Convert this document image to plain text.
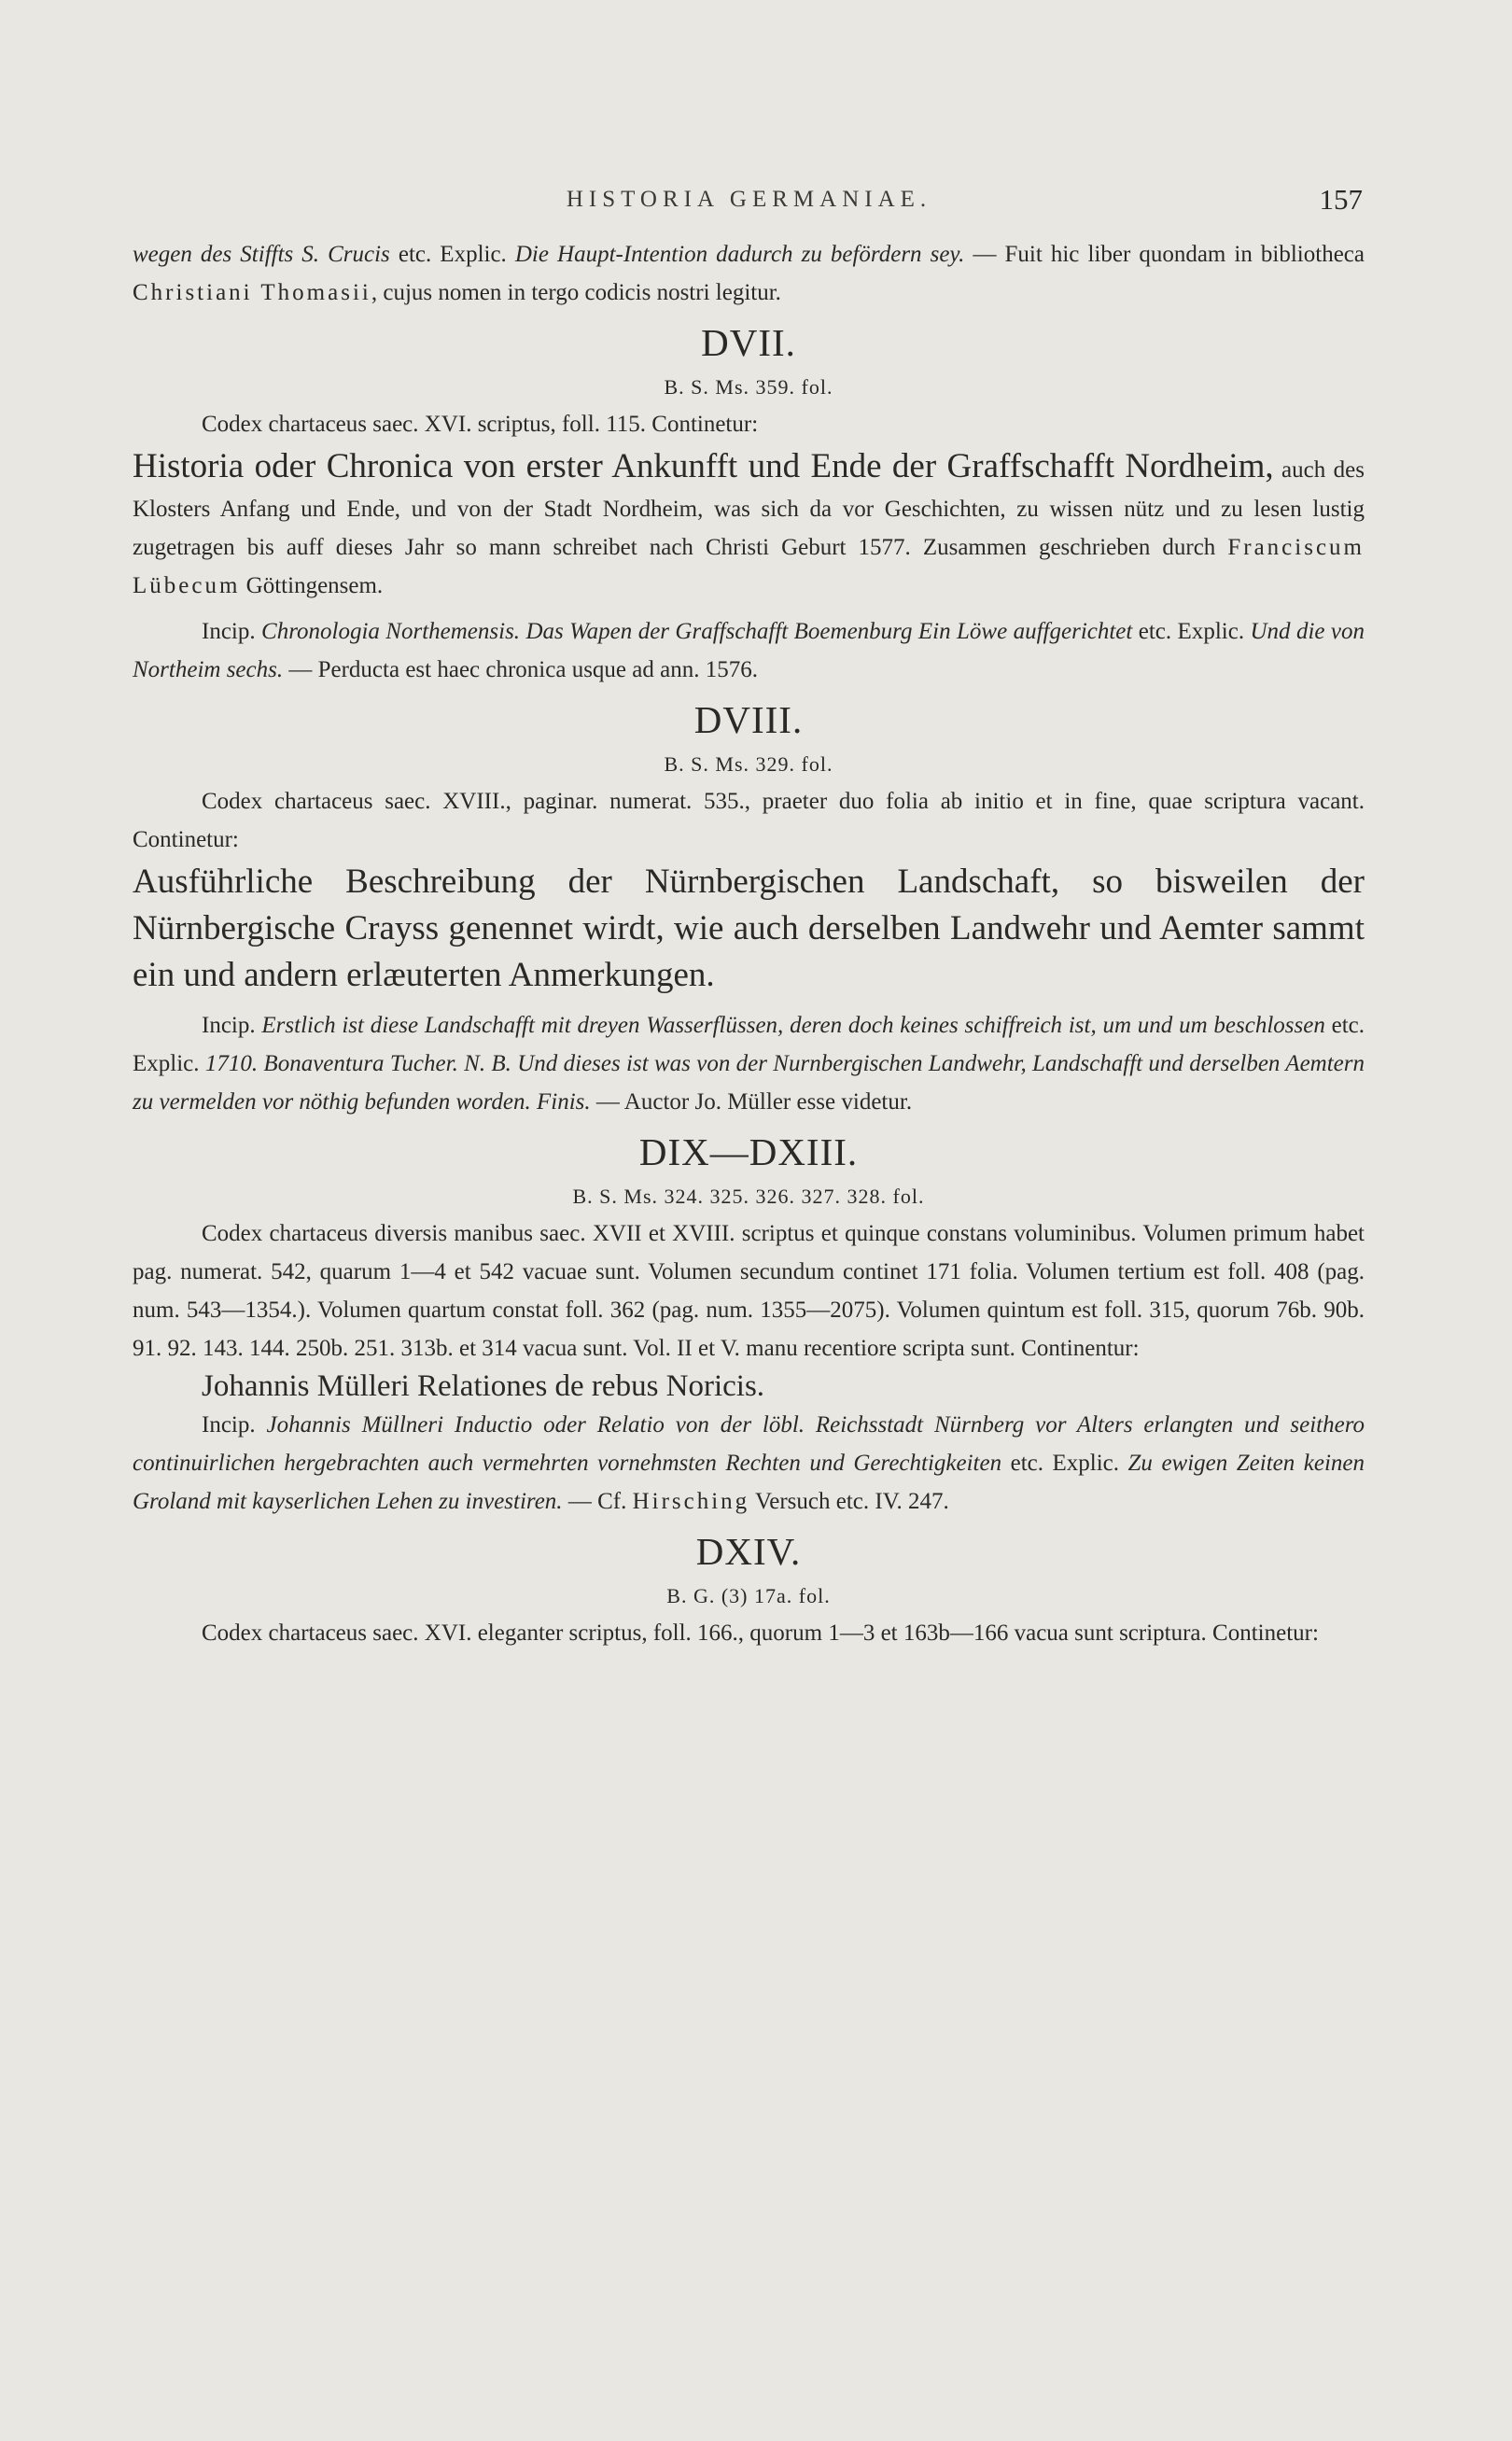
HISTORIA GERMANIAE.	157

wegen des Stiffts S. Crucis etc. Explic. Die Haupt-Intention dadurch zu befördern sey. — Fuit hic liber quondam in bibliotheca Christiani Thomasii, cujus nomen in tergo codicis nostri legitur.

DVII.
B. S. Ms. 359. fol.

Codex chartaceus saec. XVI. scriptus, foll. 115. Continetur:

Historia oder Chronica von erster Ankunfft und Ende der Graffschafft Nordheim, auch des Klosters Anfang und Ende, und von der Stadt Nordheim, was sich da vor Geschichten, zu wissen nütz und zu lesen lustig zugetragen bis auff dieses Jahr so mann schreibet nach Christi Geburt 1577. Zusammen geschrieben durch Franciscum Lübecum Göttingensem.

Incip. Chronologia Northemensis. Das Wapen der Graffschafft Boemenburg Ein Löwe auffgerichtet etc. Explic. Und die von Northeim sechs. — Perducta est haec chronica usque ad ann. 1576.

DVIII.
B. S. Ms. 329. fol.

Codex chartaceus saec. XVIII., paginar. numerat. 535., praeter duo folia ab initio et in fine, quae scriptura vacant. Continetur:

Ausführliche Beschreibung der Nürnbergischen Landschaft, so bisweilen der Nürnbergische Crayss genennet wirdt, wie auch derselben Landwehr und Aemter sammt ein und andern erlæuterten Anmerkungen.

Incip. Erstlich ist diese Landschafft mit dreyen Wasserflüssen, deren doch keines schiffreich ist, um und um beschlossen etc. Explic. 1710. Bonaventura Tucher. N. B. Und dieses ist was von der Nurnbergischen Landwehr, Landschafft und derselben Aemtern zu vermelden vor nöthig befunden worden. Finis. — Auctor Jo. Müller esse videtur.

DIX—DXIII.
B. S. Ms. 324. 325. 326. 327. 328. fol.

Codex chartaceus diversis manibus saec. XVII et XVIII. scriptus et quinque constans voluminibus. Volumen primum habet pag. numerat. 542, quarum 1—4 et 542 vacuae sunt. Volumen secundum continet 171 folia. Volumen tertium est foll. 408 (pag. num. 543—1354.). Volumen quartum constat foll. 362 (pag. num. 1355—2075). Volumen quintum est foll. 315, quorum 76b. 90b. 91. 92. 143. 144. 250b. 251. 313b. et 314 vacua sunt. Vol. II et V. manu recentiore scripta sunt. Continentur:

Johannis Mülleri Relationes de rebus Noricis.

Incip. Johannis Müllneri Inductio oder Relatio von der löbl. Reichsstadt Nürnberg vor Alters erlangten und seithero continuirlichen hergebrachten auch vermehrten vornehmsten Rechten und Gerechtigkeiten etc. Explic. Zu ewigen Zeiten keinen Groland mit kayserlichen Lehen zu investiren. — Cf. Hirsching Versuch etc. IV. 247.

DXIV.
B. G. (3) 17a. fol.

Codex chartaceus saec. XVI. eleganter scriptus, foll. 166., quorum 1—3 et 163b—166 vacua sunt scriptura. Continetur:
